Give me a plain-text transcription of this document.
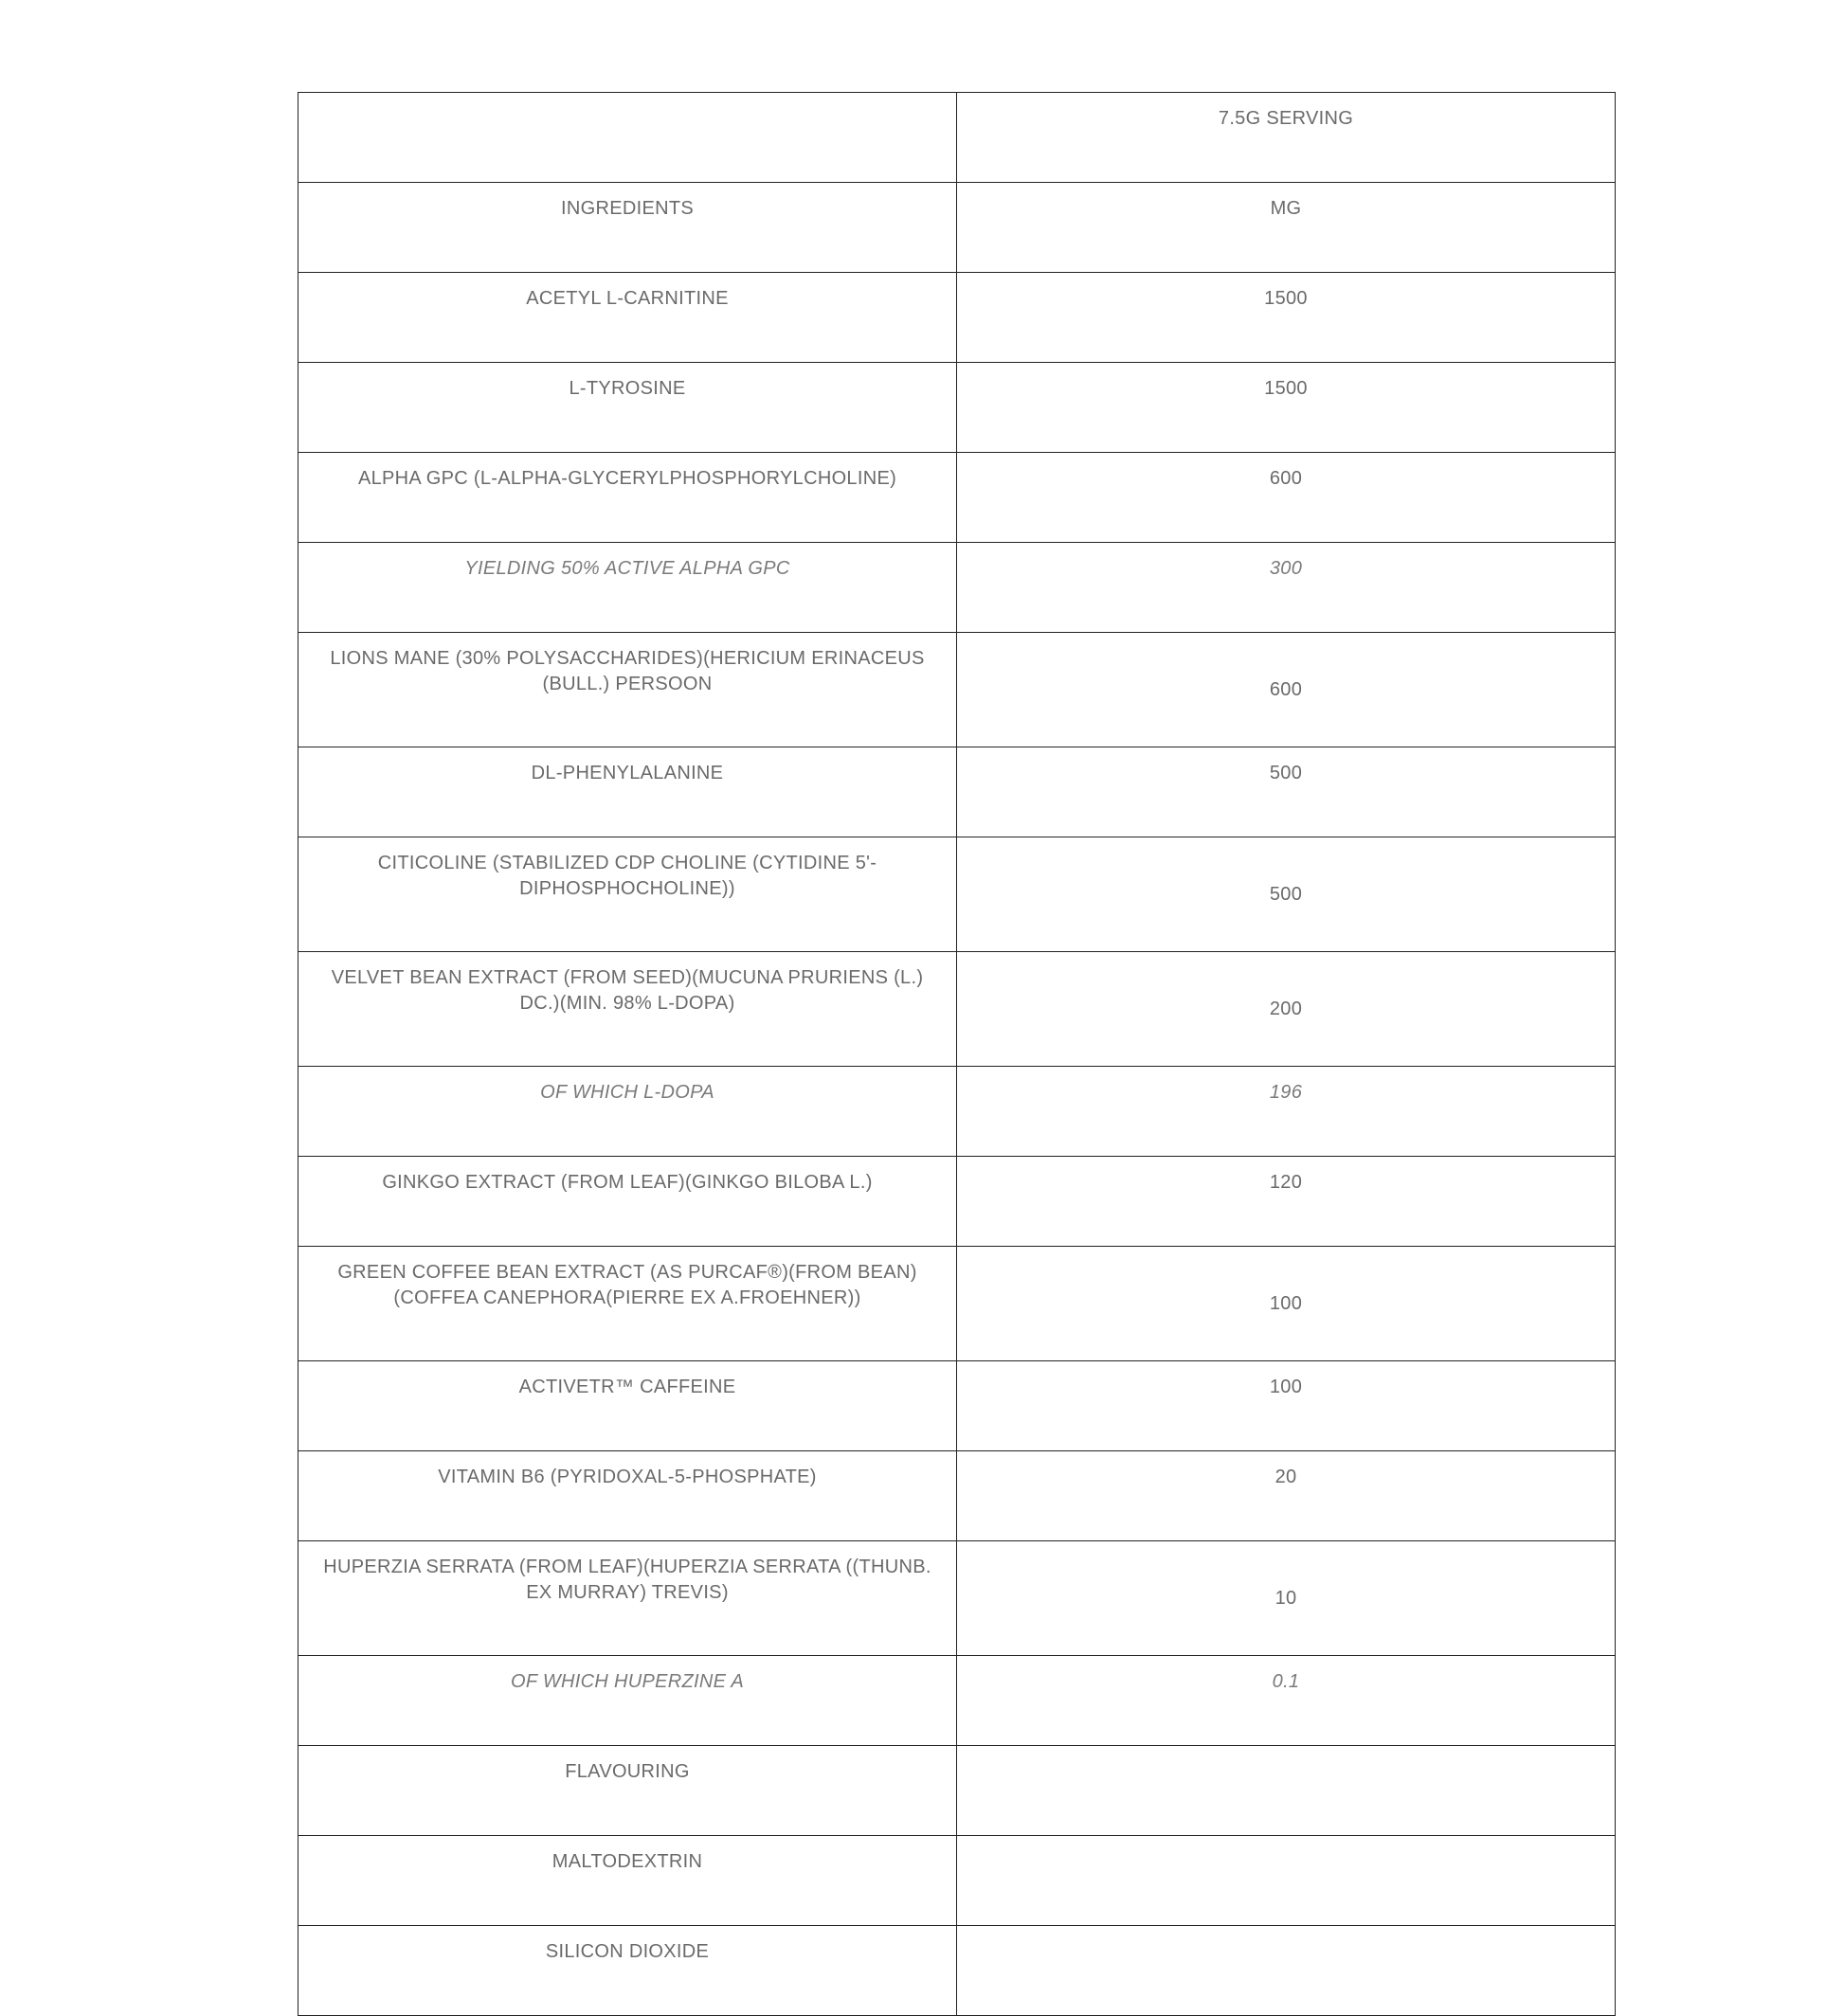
	7.5G SERVING
INGREDIENTS	MG
ACETYL L-CARNITINE	1500
L-TYROSINE	1500
ALPHA GPC (L-ALPHA-GLYCERYLPHOSPHORYLCHOLINE)	600
YIELDING 50% ACTIVE ALPHA GPC	300
LIONS MANE (30% POLYSACCHARIDES)(HERICIUM ERINACEUS (BULL.) PERSOON	600
DL-PHENYLALANINE	500
CITICOLINE (STABILIZED CDP CHOLINE (CYTIDINE 5'-DIPHOSPHOCHOLINE))	500
VELVET BEAN EXTRACT (FROM SEED)(MUCUNA PRURIENS (L.) DC.)(MIN. 98% L-DOPA)	200
OF WHICH L-DOPA	196
GINKGO EXTRACT (FROM LEAF)(GINKGO BILOBA L.)	120
GREEN COFFEE BEAN EXTRACT (AS PURCAF®)(FROM BEAN)(COFFEA CANEPHORA(PIERRE EX A.FROEHNER))	100
ACTIVETR™ CAFFEINE	100
VITAMIN B6 (PYRIDOXAL-5-PHOSPHATE)	20
HUPERZIA SERRATA (FROM LEAF)(HUPERZIA SERRATA ((THUNB. EX MURRAY) TREVIS)	10
OF WHICH HUPERZINE A	0.1
FLAVOURING	
MALTODEXTRIN	
SILICON DIOXIDE	
